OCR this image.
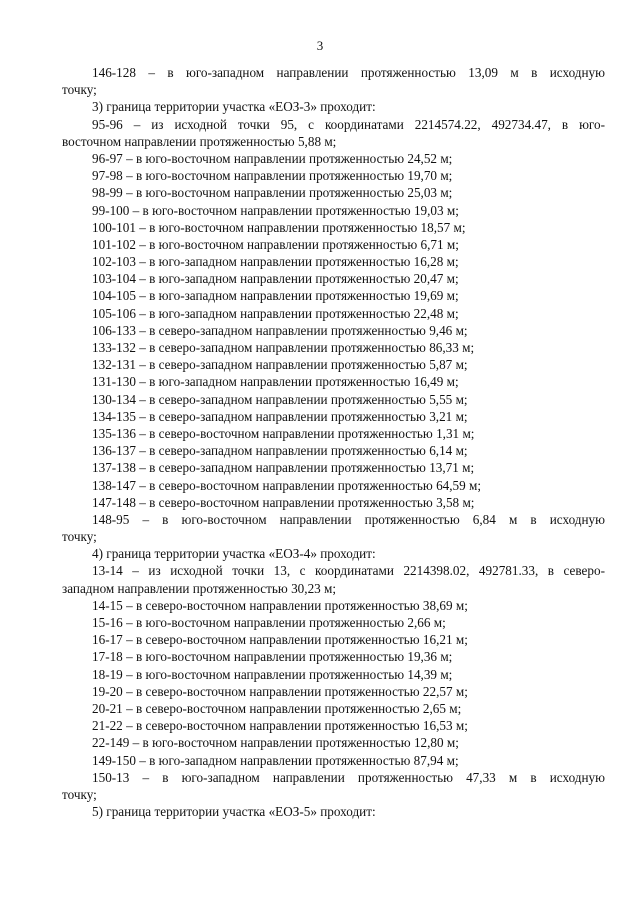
3
146-128 – в юго-западном направлении протяженностью 13,09 м в исходную
точку;
3) граница территории участка «ЕОЗ-3» проходит:
95-96 – из исходной точки 95, с координатами 2214574.22, 492734.47, в юго-
восточном направлении протяженностью 5,88 м;
96-97 – в юго-восточном направлении протяженностью 24,52 м;
97-98 – в юго-восточном направлении протяженностью 19,70 м;
98-99 – в юго-восточном направлении протяженностью 25,03 м;
99-100 – в юго-восточном направлении протяженностью 19,03 м;
100-101 – в юго-восточном направлении протяженностью 18,57 м;
101-102 – в юго-восточном направлении протяженностью 6,71 м;
102-103 – в юго-западном направлении протяженностью 16,28 м;
103-104 – в юго-западном направлении протяженностью 20,47 м;
104-105 – в юго-западном направлении протяженностью 19,69 м;
105-106 – в юго-западном направлении протяженностью 22,48 м;
106-133 – в северо-западном направлении протяженностью 9,46 м;
133-132 – в северо-западном направлении протяженностью 86,33 м;
132-131 – в северо-западном направлении протяженностью 5,87 м;
131-130 – в юго-западном направлении протяженностью 16,49 м;
130-134 – в северо-западном направлении протяженностью 5,55 м;
134-135 – в северо-западном направлении протяженностью 3,21 м;
135-136 – в северо-восточном направлении протяженностью 1,31 м;
136-137 – в северо-западном направлении протяженностью 6,14 м;
137-138 – в северо-западном направлении протяженностью 13,71 м;
138-147 – в северо-восточном направлении протяженностью 64,59 м;
147-148 – в северо-восточном направлении протяженностью 3,58 м;
148-95 – в юго-восточном направлении протяженностью 6,84 м в исходную
точку;
4) граница территории участка «ЕОЗ-4» проходит:
13-14 – из исходной точки 13, с координатами 2214398.02, 492781.33, в северо-
западном направлении протяженностью 30,23 м;
14-15 – в северо-восточном направлении протяженностью 38,69 м;
15-16 – в юго-восточном направлении протяженностью 2,66 м;
16-17 – в северо-восточном направлении протяженностью 16,21 м;
17-18 – в юго-восточном направлении протяженностью 19,36 м;
18-19 – в юго-восточном направлении протяженностью 14,39 м;
19-20 – в северо-восточном направлении протяженностью 22,57 м;
20-21 – в северо-восточном направлении протяженностью 2,65 м;
21-22 – в северо-восточном направлении протяженностью 16,53 м;
22-149 – в юго-восточном направлении протяженностью 12,80 м;
149-150 – в юго-западном направлении протяженностью 87,94 м;
150-13 – в юго-западном направлении протяженностью 47,33 м в исходную
точку;
5) граница территории участка «ЕОЗ-5» проходит:
